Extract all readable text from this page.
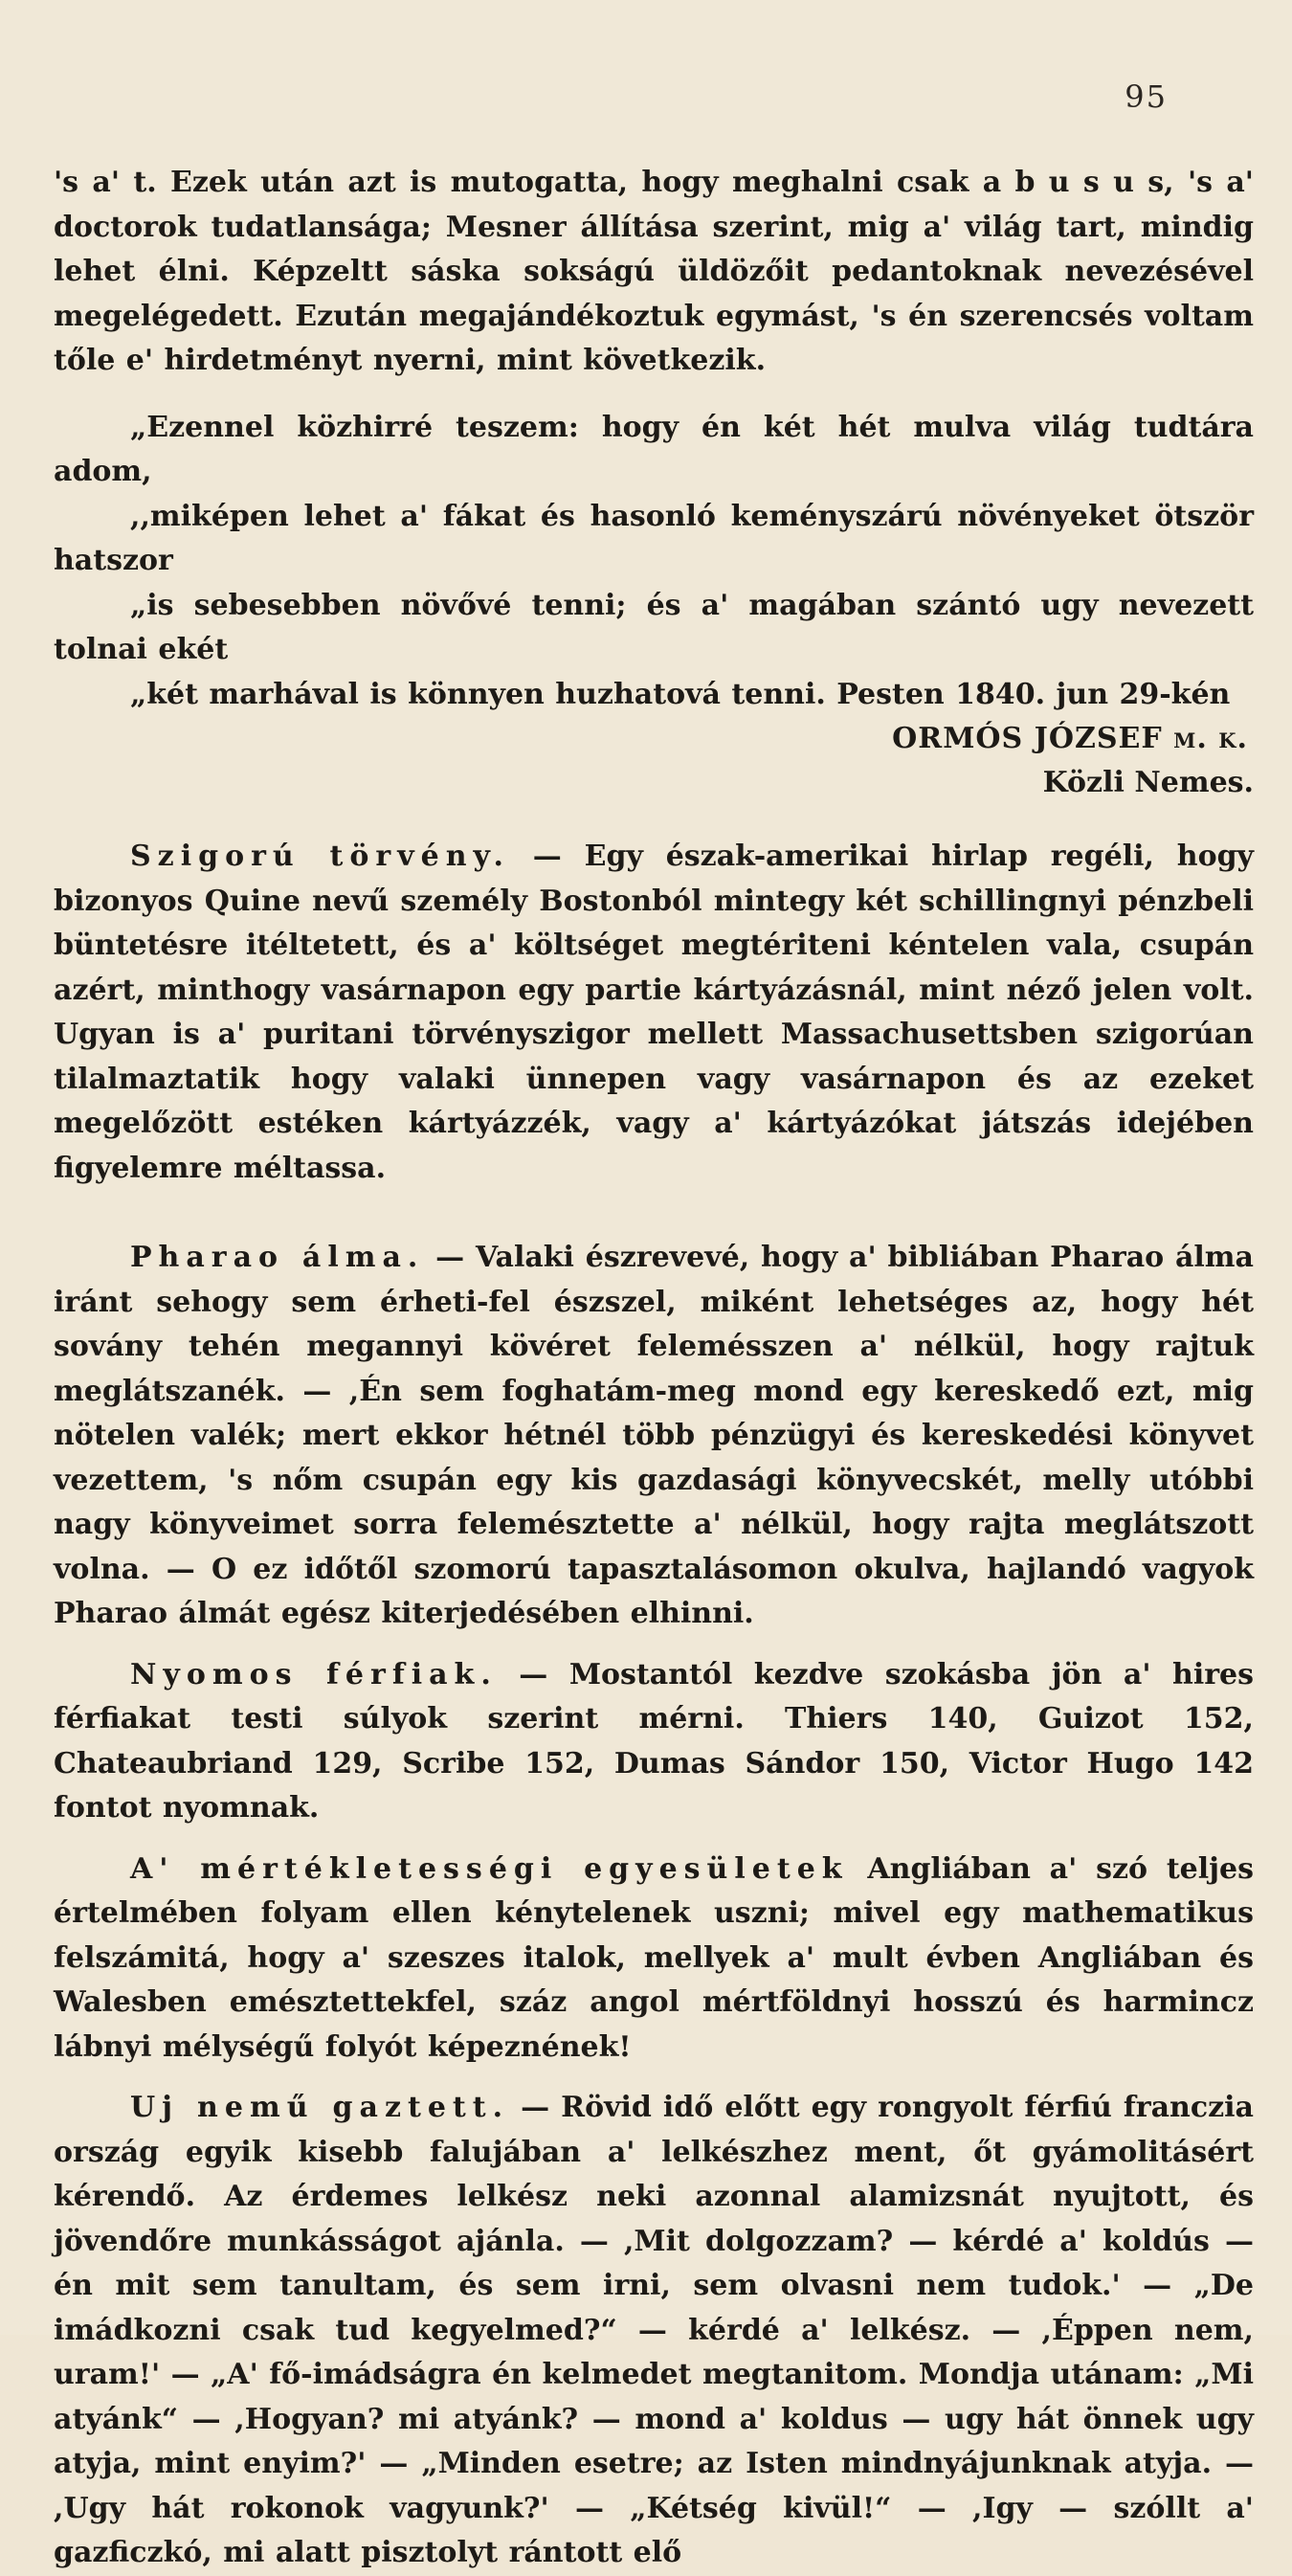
95

's a' t. Ezek után azt is mutogatta, hogy meghalni csak a b u s u s, 's a' doctorok tudatlansága; Mesner állítása szerint, mig a' világ tart, mindig lehet élni. Képzeltt sáska sokságú üldözőit pedantoknak nevezésével megelégedett. Ezután megajándékoztuk egymást, 's én szerencsés voltam tőle e' hirdetményt nyerni, mint következik.

„Ezennel közhirré teszem: hogy én két hét mulva világ tudtára adom,
,,miképen lehet a' fákat és hasonló keményszárú növényeket ötször hatszor
„is sebesebben növővé tenni; és a' magában szántó ugy nevezett tolnai ekét
„két marhával is könnyen huzhatová tenni. Pesten 1840. jun 29-kén

ORMÓS JÓZSEF m. k.
Közli Nemes.

Szigorú törvény. — Egy észak-amerikai hirlap regéli, hogy bizonyos Quine nevű személy Bostonból mintegy két schillingnyi pénzbeli büntetésre itéltetett, és a' költséget megtériteni kéntelen vala, csupán azért, minthogy vasárnapon egy partie kártyázásnál, mint néző jelen volt. Ugyan is a' puritani törvényszigor mellett Massachusettsben szigorúan tilalmaztatik hogy valaki ünnepen vagy vasárnapon és az ezeket megelőzött estéken kártyázzék, vagy a' kártyázókat játszás idejében figyelemre méltassa.

Pharao álma. — Valaki észrevevé, hogy a' bibliában Pharao álma iránt sehogy sem érheti-fel észszel, miként lehetséges az, hogy hét sovány tehén megannyi kövéret felemésszen a' nélkül, hogy rajtuk meglátszanék. — ,Én sem foghatám-meg mond egy kereskedő ezt, mig nötelen valék; mert ekkor hétnél több pénzügyi és kereskedési könyvet vezettem, 's nőm csupán egy kis gazdasági könyvecskét, melly utóbbi nagy könyveimet sorra felemésztette a' nélkül, hogy rajta meglátszott volna. — O ez időtől szomorú tapasztalásomon okulva, hajlandó vagyok Pharao álmát egész kiterjedésében elhinni.

Nyomos férfiak. — Mostantól kezdve szokásba jön a' hires férfiakat testi súlyok szerint mérni. Thiers 140, Guizot 152, Chateaubriand 129, Scribe 152, Dumas Sándor 150, Victor Hugo 142 fontot nyomnak.

A' mértékletességi egyesületek Angliában a' szó teljes értelmében folyam ellen kénytelenek uszni; mivel egy mathematikus felszámitá, hogy a' szeszes italok, mellyek a' mult évben Angliában és Walesben emésztettekfel, száz angol mértföldnyi hosszú és harmincz lábnyi mélységű folyót képeznének!

Uj nemű gaztett. — Rövid idő előtt egy rongyolt férfiú franczia ország egyik kisebb falujában a' lelkészhez ment, őt gyámolitásért kérendő. Az érdemes lelkész neki azonnal alamizsnát nyujtott, és jövendőre munkásságot ajánla. — ,Mit dolgozzam? — kérdé a' koldús — én mit sem tanultam, és sem irni, sem olvasni nem tudok.' — „De imádkozni csak tud kegyelmed?“ — kérdé a' lelkész. — ,Éppen nem, uram!' — „A' fő-imádságra én kelmedet megtanitom. Mondja utánam: „Mi atyánk“ — ,Hogyan? mi atyánk? — mond a' koldus — ugy hát önnek ugy atyja, mint enyim?' — „Minden esetre; az Isten mindnyájunknak atyja. — ,Ugy hát rokonok vagyunk?' — „Kétség kivül!“ — ,Igy — szóllt a' gazficzkó, mi alatt pisztolyt rántott elő
